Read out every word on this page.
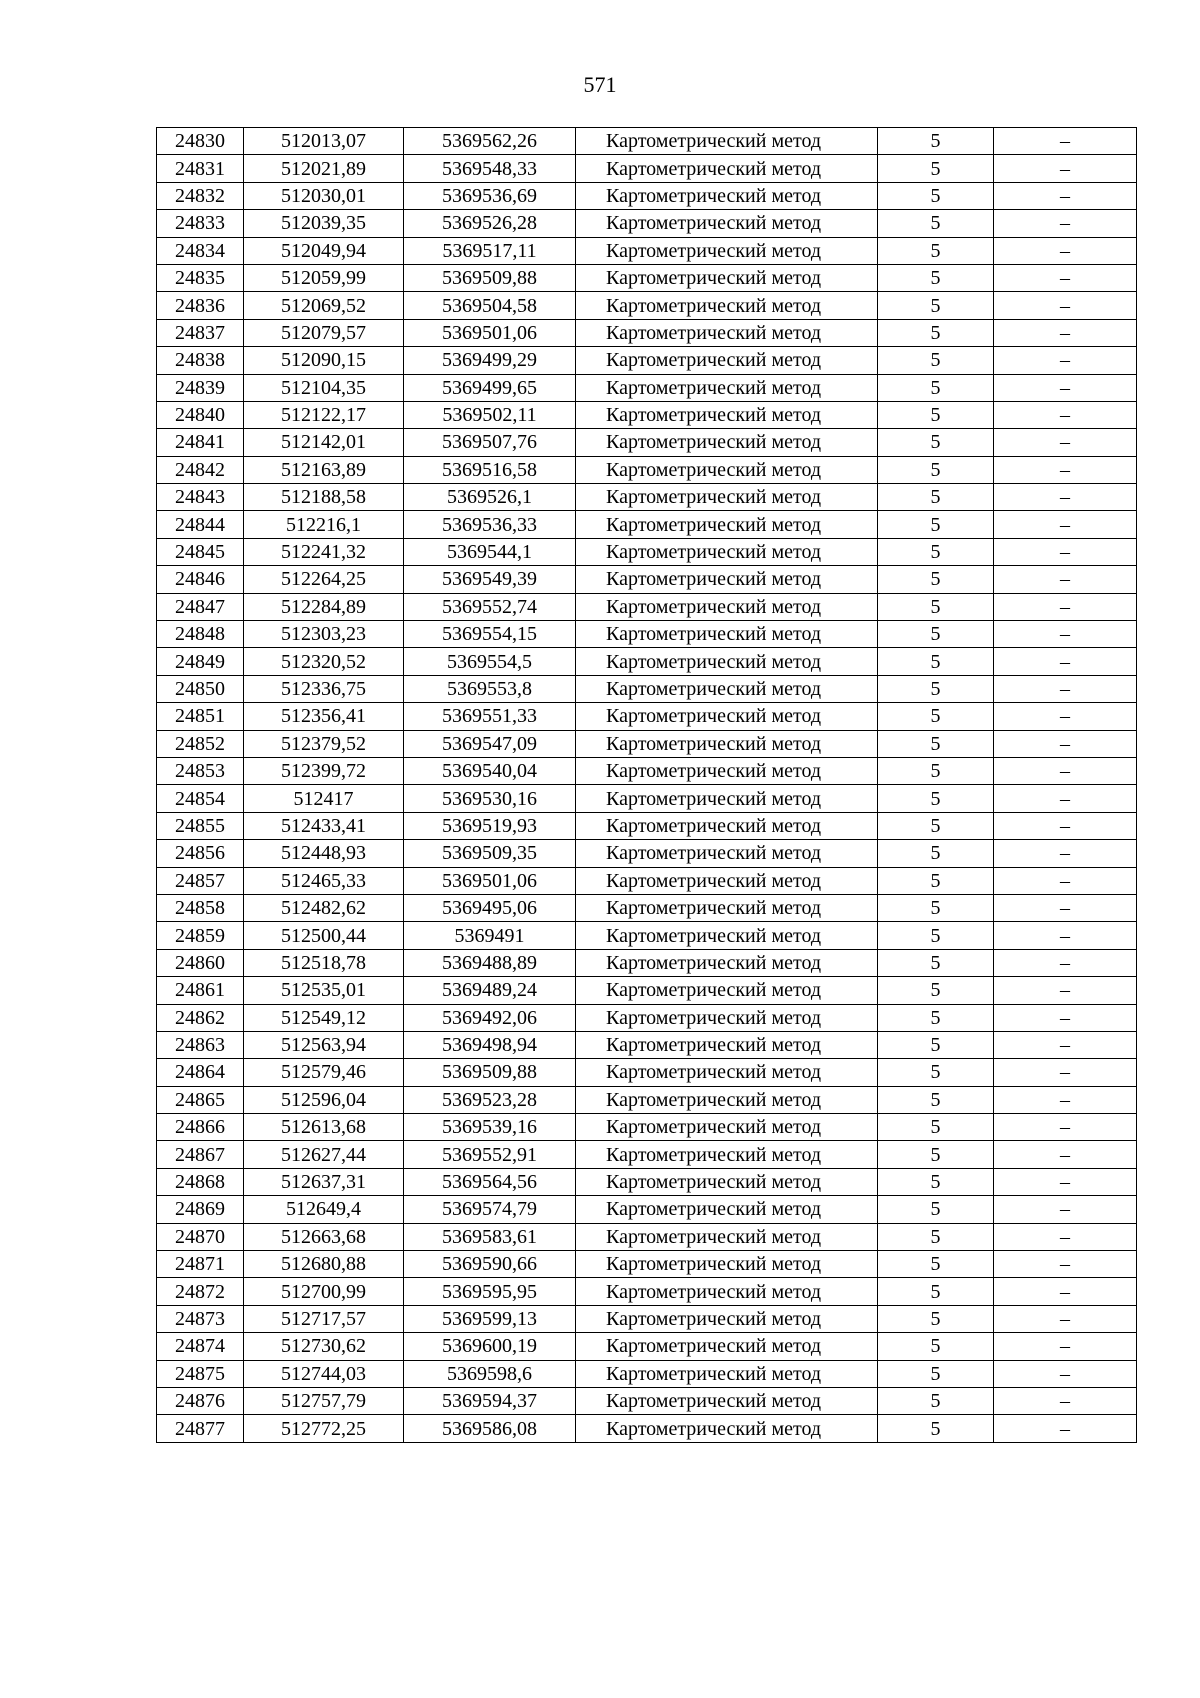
571
24830	512013,07	5369562,26	Картометрический метод	5	–
24831	512021,89	5369548,33	Картометрический метод	5	–
24832	512030,01	5369536,69	Картометрический метод	5	–
24833	512039,35	5369526,28	Картометрический метод	5	–
24834	512049,94	5369517,11	Картометрический метод	5	–
24835	512059,99	5369509,88	Картометрический метод	5	–
24836	512069,52	5369504,58	Картометрический метод	5	–
24837	512079,57	5369501,06	Картометрический метод	5	–
24838	512090,15	5369499,29	Картометрический метод	5	–
24839	512104,35	5369499,65	Картометрический метод	5	–
24840	512122,17	5369502,11	Картометрический метод	5	–
24841	512142,01	5369507,76	Картометрический метод	5	–
24842	512163,89	5369516,58	Картометрический метод	5	–
24843	512188,58	5369526,1	Картометрический метод	5	–
24844	512216,1	5369536,33	Картометрический метод	5	–
24845	512241,32	5369544,1	Картометрический метод	5	–
24846	512264,25	5369549,39	Картометрический метод	5	–
24847	512284,89	5369552,74	Картометрический метод	5	–
24848	512303,23	5369554,15	Картометрический метод	5	–
24849	512320,52	5369554,5	Картометрический метод	5	–
24850	512336,75	5369553,8	Картометрический метод	5	–
24851	512356,41	5369551,33	Картометрический метод	5	–
24852	512379,52	5369547,09	Картометрический метод	5	–
24853	512399,72	5369540,04	Картометрический метод	5	–
24854	512417	5369530,16	Картометрический метод	5	–
24855	512433,41	5369519,93	Картометрический метод	5	–
24856	512448,93	5369509,35	Картометрический метод	5	–
24857	512465,33	5369501,06	Картометрический метод	5	–
24858	512482,62	5369495,06	Картометрический метод	5	–
24859	512500,44	5369491	Картометрический метод	5	–
24860	512518,78	5369488,89	Картометрический метод	5	–
24861	512535,01	5369489,24	Картометрический метод	5	–
24862	512549,12	5369492,06	Картометрический метод	5	–
24863	512563,94	5369498,94	Картометрический метод	5	–
24864	512579,46	5369509,88	Картометрический метод	5	–
24865	512596,04	5369523,28	Картометрический метод	5	–
24866	512613,68	5369539,16	Картометрический метод	5	–
24867	512627,44	5369552,91	Картометрический метод	5	–
24868	512637,31	5369564,56	Картометрический метод	5	–
24869	512649,4	5369574,79	Картометрический метод	5	–
24870	512663,68	5369583,61	Картометрический метод	5	–
24871	512680,88	5369590,66	Картометрический метод	5	–
24872	512700,99	5369595,95	Картометрический метод	5	–
24873	512717,57	5369599,13	Картометрический метод	5	–
24874	512730,62	5369600,19	Картометрический метод	5	–
24875	512744,03	5369598,6	Картометрический метод	5	–
24876	512757,79	5369594,37	Картометрический метод	5	–
24877	512772,25	5369586,08	Картометрический метод	5	–
